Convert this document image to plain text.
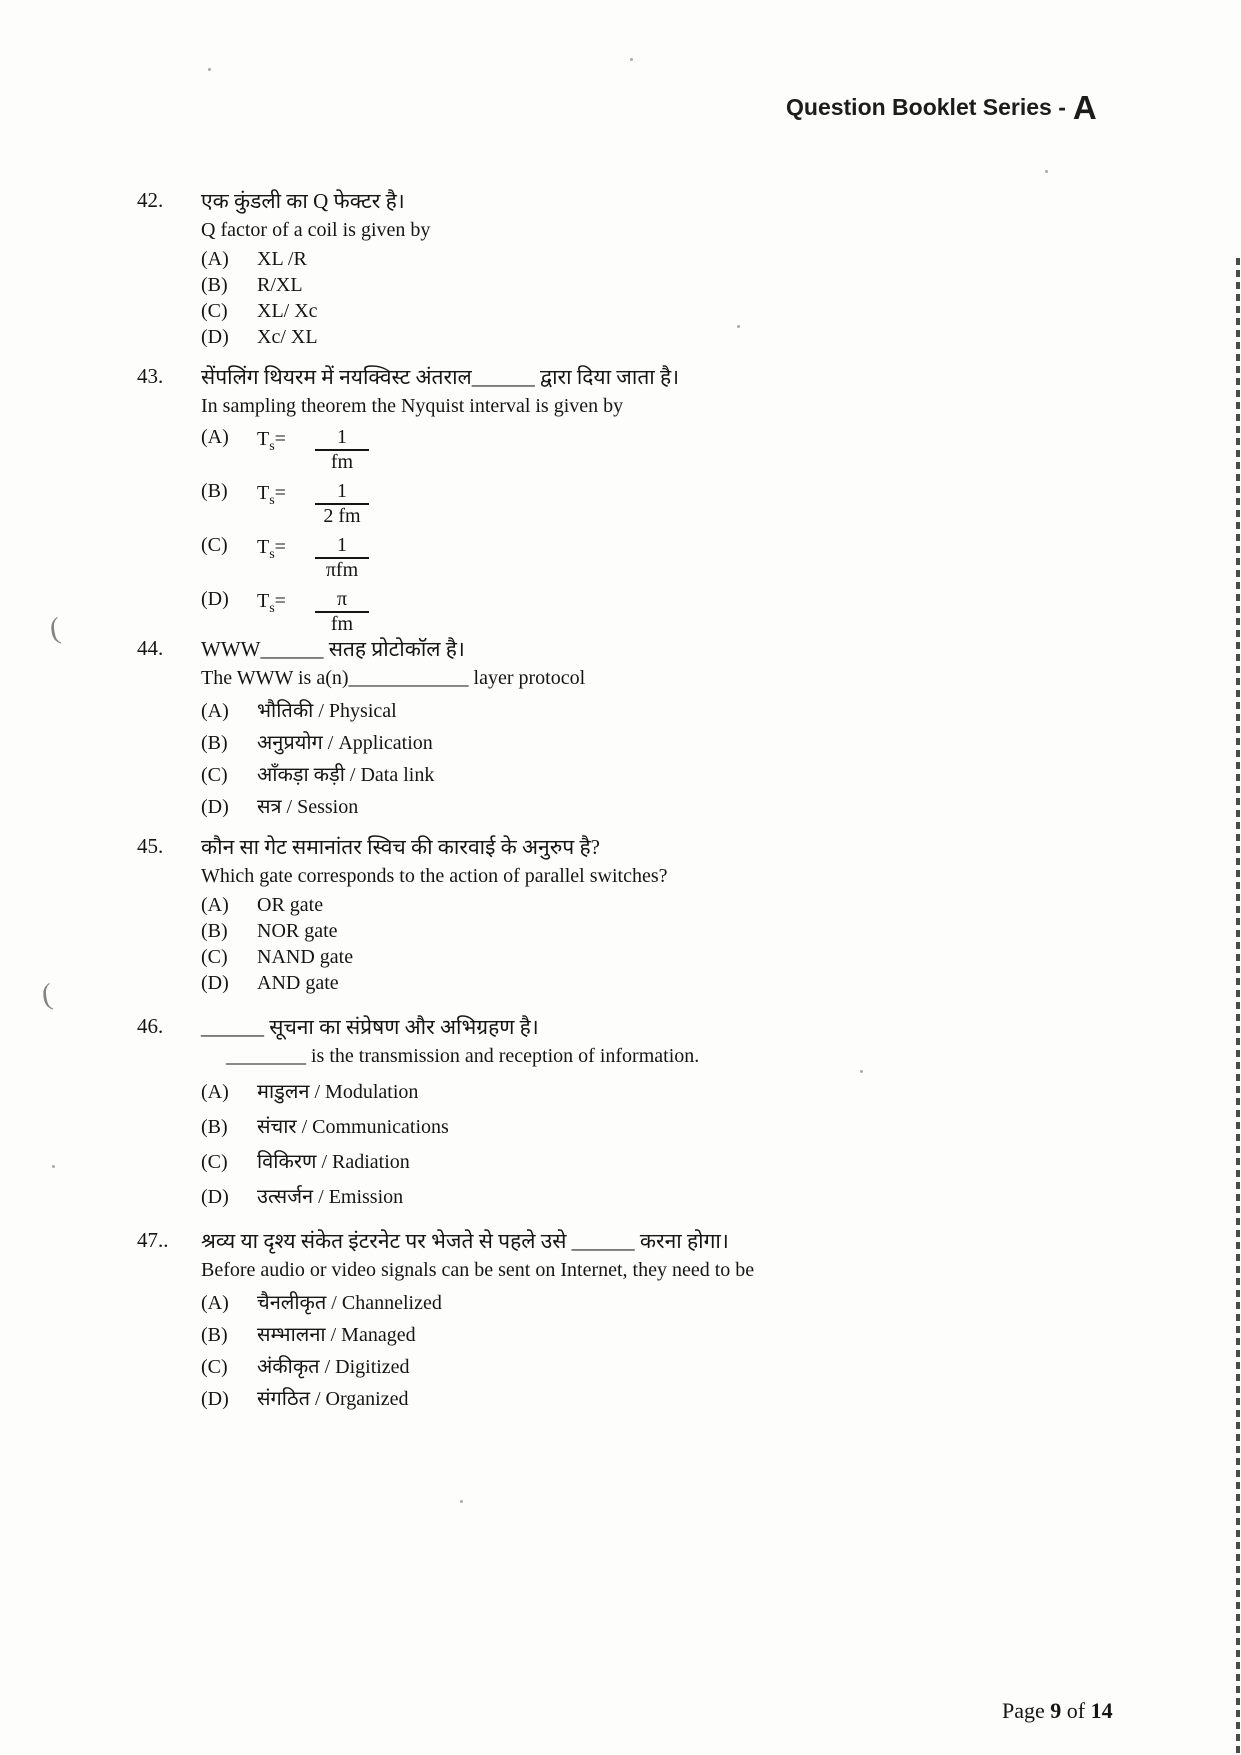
Question Booklet Series - A
42.	एक कुंडली का Q फेक्टर है।
Q factor of a coil is given by
(A)	XL /R
(B)	R/XL
(C)	XL/ Xc
(D)	Xc/ XL
43.	सेंपलिंग थियरम में नयक्विस्ट अंतराल______ द्वारा दिया जाता है।
In sampling theorem the Nyquist interval is given by
(A)	$T_s=$	$\frac{1}{fm}$
(B)	$T_s=$	$\frac{1}{2 fm}$
(C)	$T_s=$	$\frac{1}{\text{πfm}}$
(D)	$T_s=$	$\frac{\pi}{fm}$
44.	WWW______ सतह प्रोटोकॉल है।
The WWW is a(n)____________ layer protocol
(A)	भौतिकी / Physical
(B)	अनुप्रयोग / Application
(C)	आँकड़ा कड़ी / Data link
(D)	सत्र / Session
45.	कौन सा गेट समानांतर स्विच की कारवाई के अनुरुप है?
Which gate corresponds to the action of parallel switches?
(A)	OR gate
(B)	NOR gate
(C)	NAND gate
(D)	AND gate
46.	______ सूचना का संप्रेषण और अभिग्रहण है।
________ is the transmission and reception of information.
(A)	माडुलन / Modulation
(B)	संचार / Communications
(C)	विकिरण / Radiation
(D)	उत्सर्जन / Emission
47..	श्रव्य या दृश्य संकेत इंटरनेट पर भेजते से पहले उसे ______ करना होगा।
Before audio or video signals can be sent on Internet, they need to be
(A)	चैनलीकृत / Channelized
(B)	सम्भालना / Managed
(C)	अंकीकृत / Digitized
(D)	संगठित / Organized
Page 9 of 14
(
(
